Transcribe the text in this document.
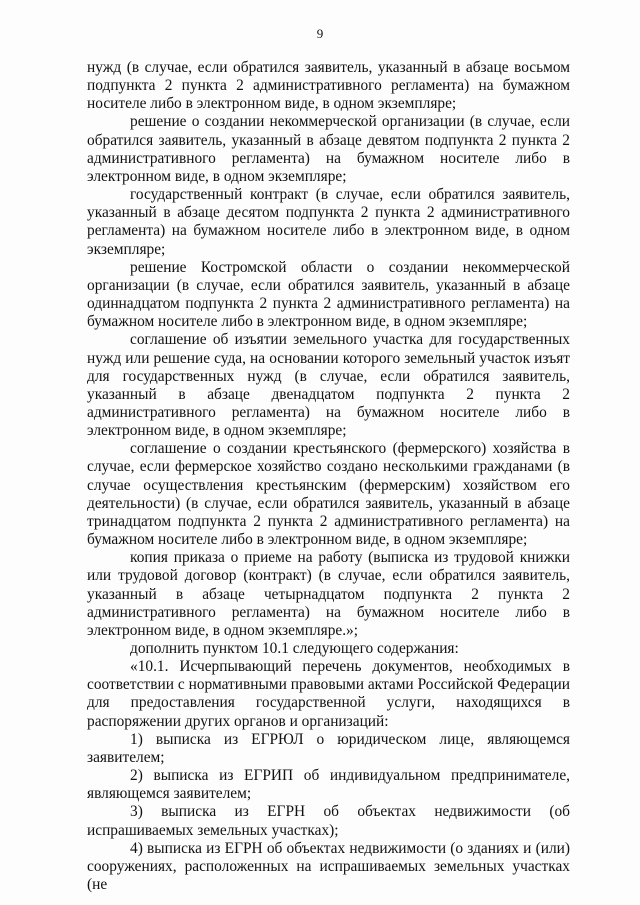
9

нужд (в случае, если обратился заявитель, указанный в абзаце восьмом подпункта 2 пункта 2 административного регламента) на бумажном носителе либо в электронном виде, в одном экземпляре;

решение о создании некоммерческой организации (в случае, если обратился заявитель, указанный в абзаце девятом подпункта 2 пункта 2 административного регламента) на бумажном носителе либо в электронном виде, в одном экземпляре;

государственный контракт (в случае, если обратился заявитель, указанный в абзаце десятом подпункта 2 пункта 2 административного регламента) на бумажном носителе либо в электронном виде, в одном экземпляре;

решение Костромской области о создании некоммерческой организации (в случае, если обратился заявитель, указанный в абзаце одиннадцатом подпункта 2 пункта 2 административного регламента) на бумажном носителе либо в электронном виде, в одном экземпляре;

соглашение об изъятии земельного участка для государственных нужд или решение суда, на основании которого земельный участок изъят для государственных нужд (в случае, если обратился заявитель, указанный в абзаце двенадцатом подпункта 2 пункта 2 административного регламента) на бумажном носителе либо в электронном виде, в одном экземпляре;

соглашение о создании крестьянского (фермерского) хозяйства в случае, если фермерское хозяйство создано несколькими гражданами (в случае осуществления крестьянским (фермерским) хозяйством его деятельности) (в случае, если обратился заявитель, указанный в абзаце тринадцатом подпункта 2 пункта 2 административного регламента) на бумажном носителе либо в электронном виде, в одном экземпляре;

копия приказа о приеме на работу (выписка из трудовой книжки или трудовой договор (контракт) (в случае, если обратился заявитель, указанный в абзаце четырнадцатом подпункта 2 пункта 2 административного регламента) на бумажном носителе либо в электронном виде, в одном экземпляре.»;

дополнить пунктом 10.1 следующего содержания:

«10.1. Исчерпывающий перечень документов, необходимых в соответствии с нормативными правовыми актами Российской Федерации для предоставления государственной услуги, находящихся в распоряжении других органов и организаций:

1) выписка из ЕГРЮЛ о юридическом лице, являющемся заявителем;

2) выписка из ЕГРИП об индивидуальном предпринимателе, являющемся заявителем;

3) выписка из ЕГРН об объектах недвижимости (об испрашиваемых земельных участках);

4) выписка из ЕГРН об объектах недвижимости (о зданиях и (или) сооружениях, расположенных на испрашиваемых земельных участках (не
